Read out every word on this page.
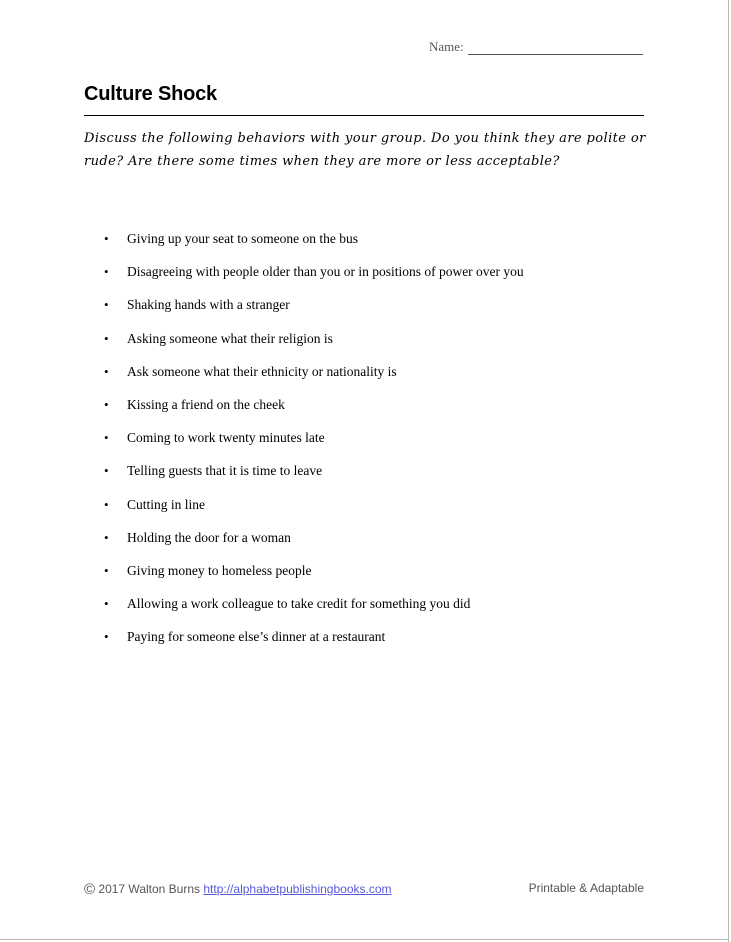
Name:
Culture Shock

Discuss the following behaviors with your group. Do you think they are polite or rude? Are there some times when they are more or less acceptable?

• Giving up your seat to someone on the bus
• Disagreeing with people older than you or in positions of power over you
• Shaking hands with a stranger
• Asking someone what their religion is
• Ask someone what their ethnicity or nationality is
• Kissing a friend on the cheek
• Coming to work twenty minutes late
• Telling guests that it is time to leave
• Cutting in line
• Holding the door for a woman
• Giving money to homeless people
• Allowing a work colleague to take credit for something you did
• Paying for someone else’s dinner at a restaurant
© 2017 Walton Burns http://alphabetpublishingbooks.com	Printable & Adaptable
